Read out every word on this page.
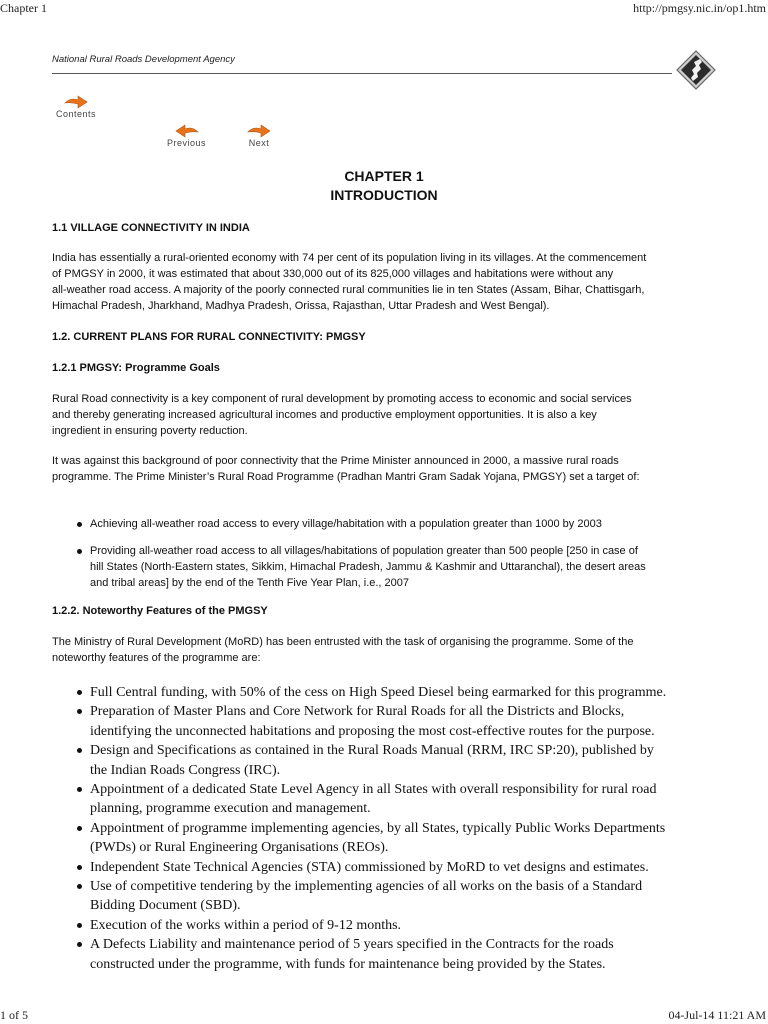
Chapter 1	http://pmgsy.nic.in/op1.htm
National Rural Roads Development Agency
Contents
Previous	Next
CHAPTER 1
INTRODUCTION
1.1 VILLAGE CONNECTIVITY IN INDIA
India has essentially a rural-oriented economy with 74 per cent of its population living in its villages. At the commencement
of PMGSY in 2000, it was estimated that about 330,000 out of its 825,000 villages and habitations were without any
all-weather road access. A majority of the poorly connected rural communities lie in ten States (Assam, Bihar, Chattisgarh,
Himachal Pradesh, Jharkhand, Madhya Pradesh, Orissa, Rajasthan, Uttar Pradesh and West Bengal).
1.2. CURRENT PLANS FOR RURAL CONNECTIVITY: PMGSY
1.2.1 PMGSY: Programme Goals
Rural Road connectivity is a key component of rural development by promoting access to economic and social services
and thereby generating increased agricultural incomes and productive employment opportunities. It is also a key
ingredient in ensuring poverty reduction.
It was against this background of poor connectivity that the Prime Minister announced in 2000, a massive rural roads
programme. The Prime Minister’s Rural Road Programme (Pradhan Mantri Gram Sadak Yojana, PMGSY) set a target of:
Achieving all-weather road access to every village/habitation with a population greater than 1000 by 2003
Providing all-weather road access to all villages/habitations of population greater than 500 people [250 in case of
hill States (North-Eastern states, Sikkim, Himachal Pradesh, Jammu & Kashmir and Uttaranchal), the desert areas
and tribal areas] by the end of the Tenth Five Year Plan, i.e., 2007
1.2.2. Noteworthy Features of the PMGSY
The Ministry of Rural Development (MoRD) has been entrusted with the task of organising the programme. Some of the
noteworthy features of the programme are:
Full Central funding, with 50% of the cess on High Speed Diesel being earmarked for this programme.
Preparation of Master Plans and Core Network for Rural Roads for all the Districts and Blocks,
identifying the unconnected habitations and proposing the most cost-effective routes for the purpose.
Design and Specifications as contained in the Rural Roads Manual (RRM, IRC SP:20), published by
the Indian Roads Congress (IRC).
Appointment of a dedicated State Level Agency in all States with overall responsibility for rural road
planning, programme execution and management.
Appointment of programme implementing agencies, by all States, typically Public Works Departments
(PWDs) or Rural Engineering Organisations (REOs).
Independent State Technical Agencies (STA) commissioned by MoRD to vet designs and estimates.
Use of competitive tendering by the implementing agencies of all works on the basis of a Standard
Bidding Document (SBD).
Execution of the works within a period of 9-12 months.
A Defects Liability and maintenance period of 5 years specified in the Contracts for the roads
constructed under the programme, with funds for maintenance being provided by the States.
1 of 5	04-Jul-14 11:21 AM
